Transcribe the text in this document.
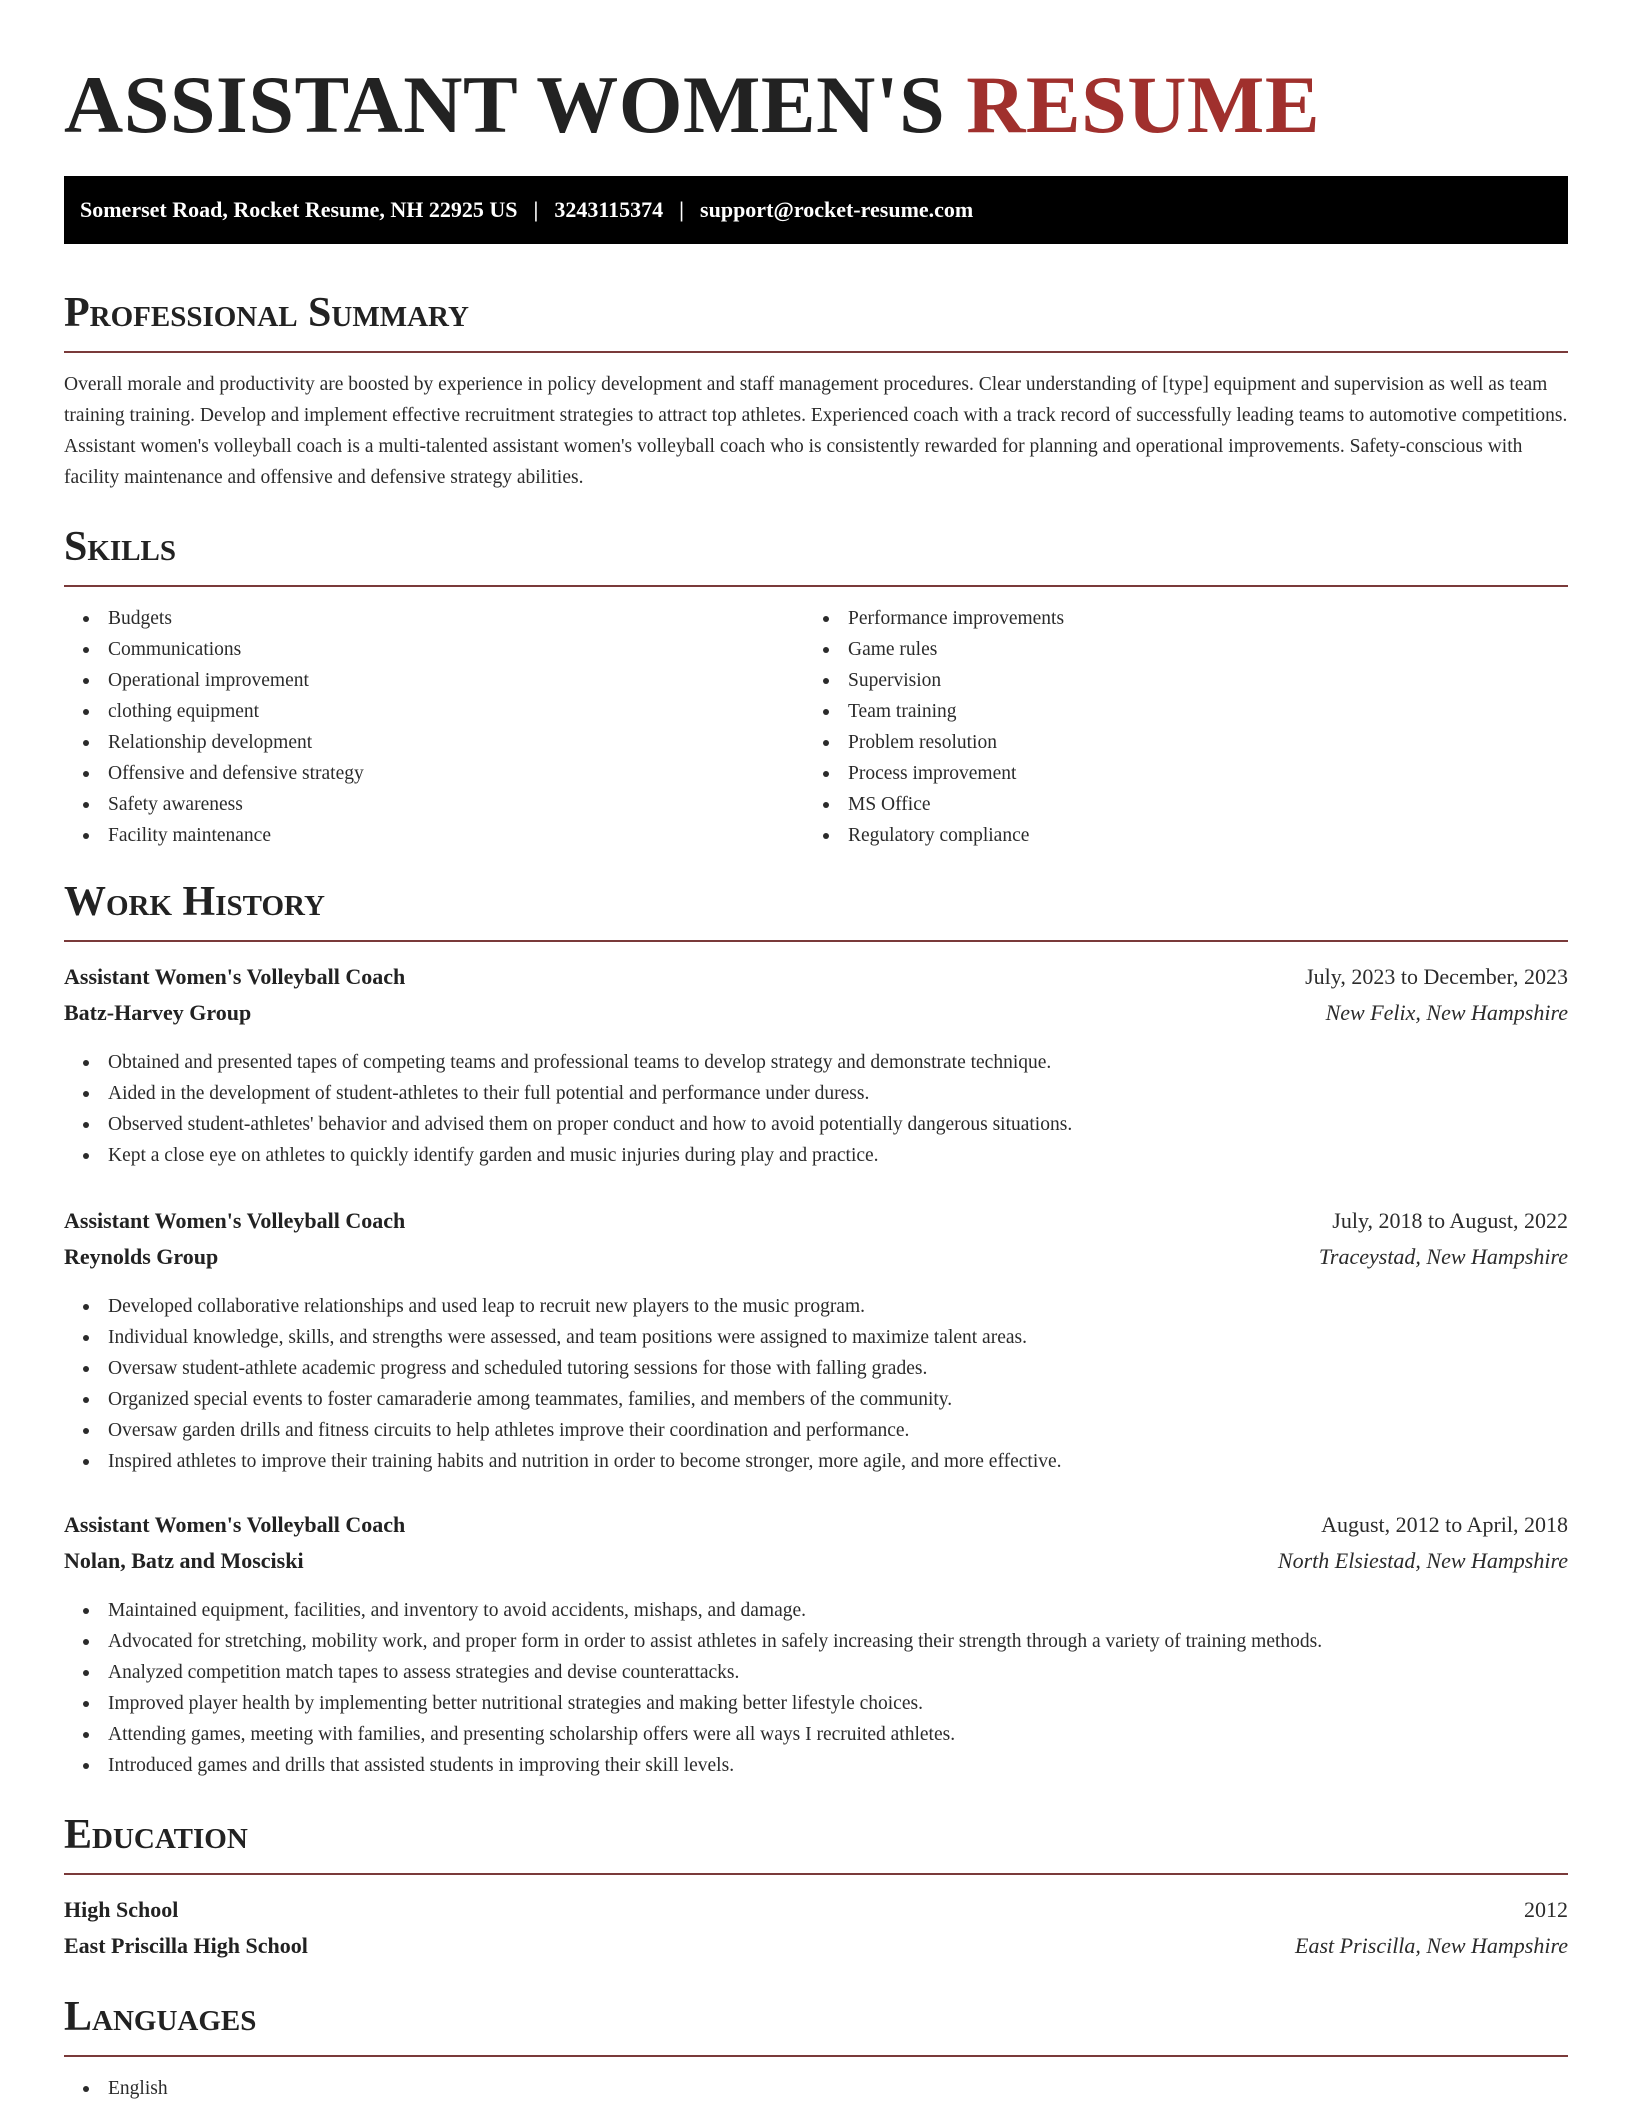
ASSISTANT WOMEN'S RESUME
Somerset Road, Rocket Resume, NH 22925 US | 3243115374 | support@rocket-resume.com
Professional Summary

Overall morale and productivity are boosted by experience in policy development and staff management procedures. Clear understanding of [type] equipment and supervision as well as team training training. Develop and implement effective recruitment strategies to attract top athletes. Experienced coach with a track record of successfully leading teams to automotive competitions. Assistant women's volleyball coach is a multi-talented assistant women's volleyball coach who is consistently rewarded for planning and operational improvements. Safety-conscious with facility maintenance and offensive and defensive strategy abilities.

Skills
Budgets
Communications
Operational improvement
clothing equipment
Relationship development
Offensive and defensive strategy
Safety awareness
Facility maintenance
Performance improvements
Game rules
Supervision
Team training
Problem resolution
Process improvement
MS Office
Regulatory compliance
Work History
Assistant Women's Volleyball Coach	July, 2023 to December, 2023
Batz-Harvey Group	New Felix, New Hampshire
Obtained and presented tapes of competing teams and professional teams to develop strategy and demonstrate technique.
Aided in the development of student-athletes to their full potential and performance under duress.
Observed student-athletes' behavior and advised them on proper conduct and how to avoid potentially dangerous situations.
Kept a close eye on athletes to quickly identify garden and music injuries during play and practice.
Assistant Women's Volleyball Coach	July, 2018 to August, 2022
Reynolds Group	Traceystad, New Hampshire
Developed collaborative relationships and used leap to recruit new players to the music program.
Individual knowledge, skills, and strengths were assessed, and team positions were assigned to maximize talent areas.
Oversaw student-athlete academic progress and scheduled tutoring sessions for those with falling grades.
Organized special events to foster camaraderie among teammates, families, and members of the community.
Oversaw garden drills and fitness circuits to help athletes improve their coordination and performance.
Inspired athletes to improve their training habits and nutrition in order to become stronger, more agile, and more effective.
Assistant Women's Volleyball Coach	August, 2012 to April, 2018
Nolan, Batz and Mosciski	North Elsiestad, New Hampshire
Maintained equipment, facilities, and inventory to avoid accidents, mishaps, and damage.
Advocated for stretching, mobility work, and proper form in order to assist athletes in safely increasing their strength through a variety of training methods.
Analyzed competition match tapes to assess strategies and devise counterattacks.
Improved player health by implementing better nutritional strategies and making better lifestyle choices.
Attending games, meeting with families, and presenting scholarship offers were all ways I recruited athletes.
Introduced games and drills that assisted students in improving their skill levels.
Education
High School	2012
East Priscilla High School	East Priscilla, New Hampshire
Languages
English
